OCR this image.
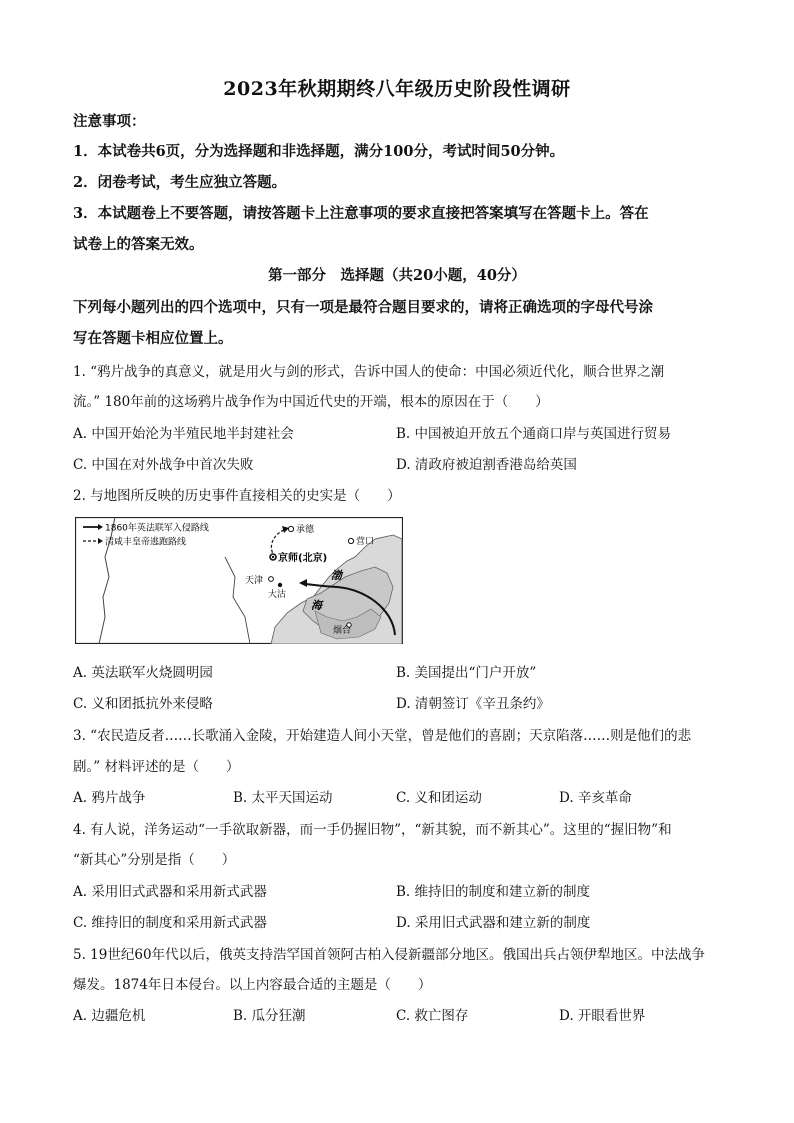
2023年秋期期终八年级历史阶段性调研
注意事项：
1．本试卷共6页，分为选择题和非选择题，满分100分，考试时间50分钟。
2．闭卷考试，考生应独立答题。
3．本试题卷上不要答题，请按答题卡上注意事项的要求直接把答案填写在答题卡上。答在
试卷上的答案无效。
第一部分　选择题（共20小题，40分）
下列每小题列出的四个选项中，只有一项是最符合题目要求的，请将正确选项的字母代号涂
写在答题卡相应位置上。
1. “鸦片战争的真意义，就是用火与剑的形式，告诉中国人的使命：中国必须近代化，顺合世界之潮
流。” 180年前的这场鸦片战争作为中国近代史的开端，根本的原因在于（　　）
A. 中国开始沦为半殖民地半封建社会	B. 中国被迫开放五个通商口岸与英国进行贸易
C. 中国在对外战争中首次失败	D. 清政府被迫割香港岛给英国
2. 与地图所反映的历史事件直接相关的史实是（　　）
1860年英法联军入侵路线
清咸丰皇帝逃跑路线
承德
京师(北京)
营口
天津
大沽
渤
海
烟台
A. 英法联军火烧圆明园	B. 美国提出“门户开放”
C. 义和团抵抗外来侵略	D. 清朝签订《辛丑条约》
3. “农民造反者……长歌涌入金陵，开始建造人间小天堂，曾是他们的喜剧；天京陷落……则是他们的悲
剧。” 材料评述的是（　　）
A. 鸦片战争	B. 太平天国运动	C. 义和团运动	D. 辛亥革命
4. 有人说，洋务运动“一手欲取新器，而一手仍握旧物”，“新其貌，而不新其心”。这里的“握旧物”和
“新其心”分别是指（　　）
A. 采用旧式武器和采用新式武器	B. 维持旧的制度和建立新的制度
C. 维持旧的制度和采用新式武器	D. 采用旧式武器和建立新的制度
5. 19世纪60年代以后，俄英支持浩罕国首领阿古柏入侵新疆部分地区。俄国出兵占领伊犁地区。中法战争
爆发。1874年日本侵台。以上内容最合适的主题是（　　）
A. 边疆危机	B. 瓜分狂潮	C. 救亡图存	D. 开眼看世界
